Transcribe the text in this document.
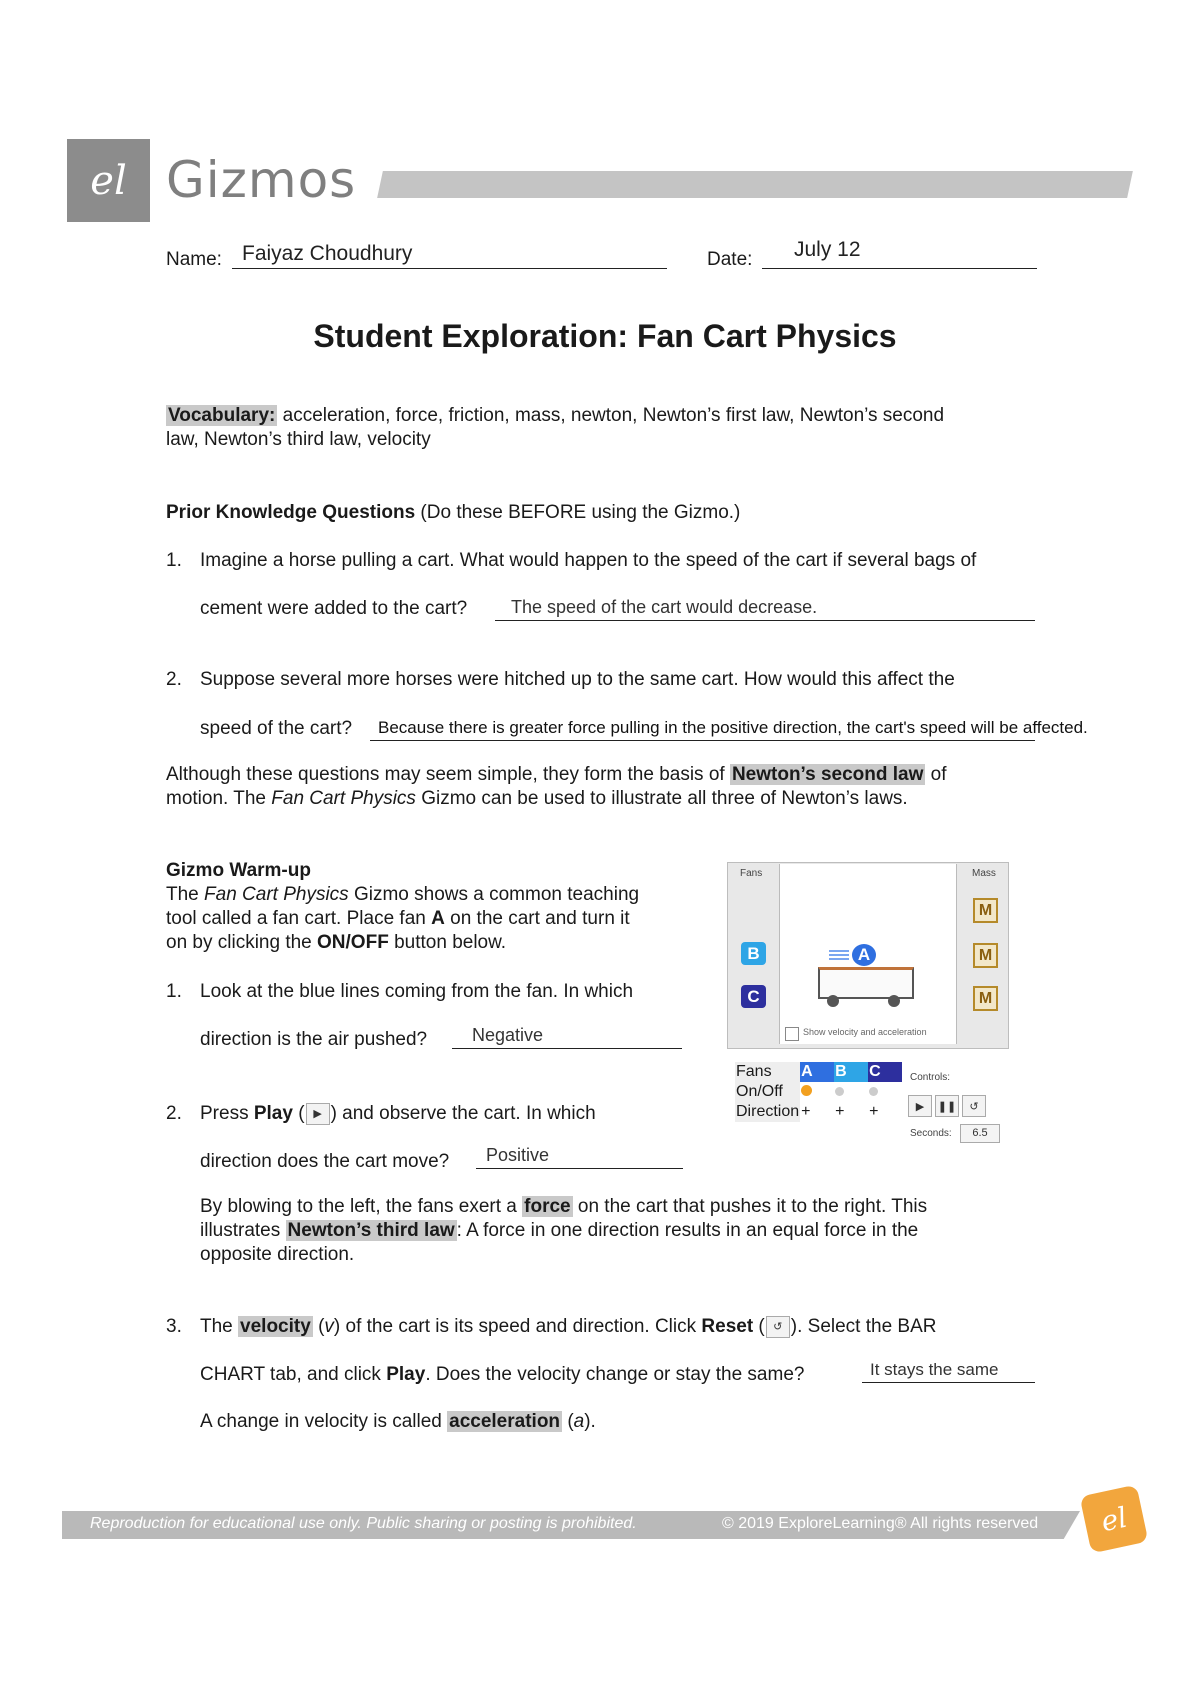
el Gizmos
Name: Faiyaz Choudhury	Date: July 12
Student Exploration: Fan Cart Physics
Vocabulary: acceleration, force, friction, mass, newton, Newton’s first law, Newton’s second
law, Newton’s third law, velocity
Prior Knowledge Questions (Do these BEFORE using the Gizmo.)
1. Imagine a horse pulling a cart. What would happen to the speed of the cart if several bags of
cement were added to the cart? The speed of the cart would decrease.
2. Suppose several more horses were hitched up to the same cart. How would this affect the
speed of the cart? Because there is greater force pulling in the positive direction, the cart's speed will be affected.
Although these questions may seem simple, they form the basis of Newton’s second law of
motion. The Fan Cart Physics Gizmo can be used to illustrate all three of Newton’s laws.
Gizmo Warm-up
The Fan Cart Physics Gizmo shows a common teaching
tool called a fan cart. Place fan A on the cart and turn it
on by clicking the ON/OFF button below.
1. Look at the blue lines coming from the fan. In which
direction is the air pushed? Negative
2. Press Play ( ▶ ) and observe the cart. In which
direction does the cart move? Positive
By blowing to the left, the fans exert a force on the cart that pushes it to the right. This
illustrates Newton’s third law : A force in one direction results in an equal force in the
opposite direction.
3. The velocity (v) of the cart is its speed and direction. Click Reset ( ↺ ). Select the BAR
CHART tab, and click Play. Does the velocity change or stay the same?	It stays the same
A change in velocity is called acceleration (a).
Fans	Mass
M
M
M
B
C
A
Show velocity and acceleration
Fans	A	B	C
On/Off			
Direction	+	+	+
Controls:
▶ ❚❚ ↺
Seconds:	6.5
Reproduction for educational use only. Public sharing or posting is prohibited.	© 2019 ExploreLearning® All rights reserved	el
